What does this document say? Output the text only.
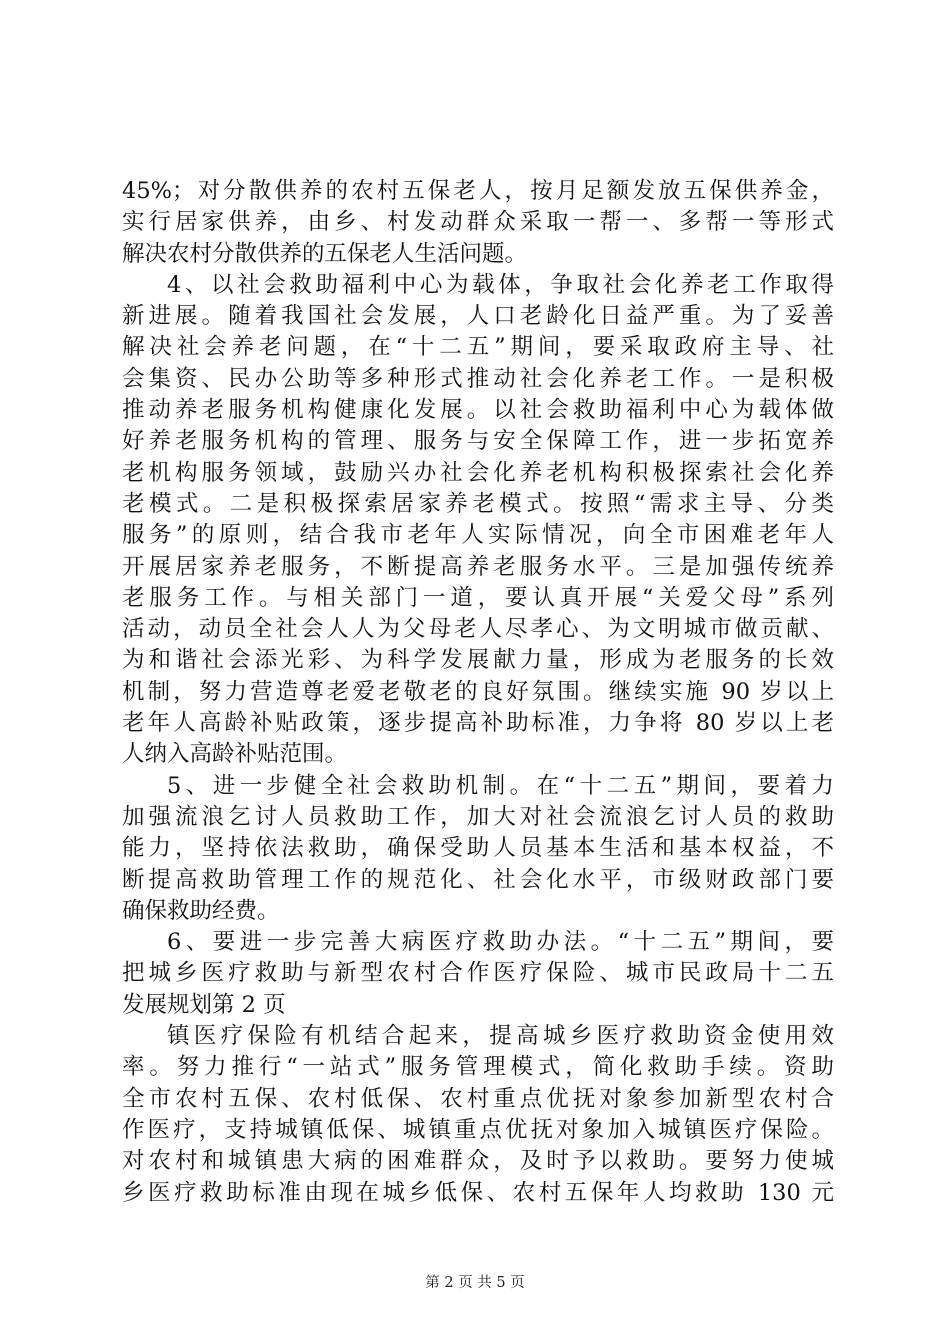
45%；对分散供养的农村五保老人，按月足额发放五保供养金，
实行居家供养，由乡、村发动群众采取一帮一、多帮一等形式
解决农村分散供养的五保老人生活问题。
4、以社会救助福利中心为载体，争取社会化养老工作取得
新进展。随着我国社会发展，人口老龄化日益严重。为了妥善
解决社会养老问题，在“十二五”期间，要采取政府主导、社
会集资、民办公助等多种形式推动社会化养老工作。一是积极
推动养老服务机构健康化发展。以社会救助福利中心为载体做
好养老服务机构的管理、服务与安全保障工作，进一步拓宽养
老机构服务领域，鼓励兴办社会化养老机构积极探索社会化养
老模式。二是积极探索居家养老模式。按照“需求主导、分类
服务”的原则，结合我市老年人实际情况，向全市困难老年人
开展居家养老服务，不断提高养老服务水平。三是加强传统养
老服务工作。与相关部门一道，要认真开展“关爱父母”系列
活动，动员全社会人人为父母老人尽孝心、为文明城市做贡献、
为和谐社会添光彩、为科学发展献力量，形成为老服务的长效
机制，努力营造尊老爱老敬老的良好氛围。继续实施 90 岁以上
老年人高龄补贴政策，逐步提高补助标准，力争将 80 岁以上老
人纳入高龄补贴范围。
5、进一步健全社会救助机制。在“十二五”期间，要着力
加强流浪乞讨人员救助工作，加大对社会流浪乞讨人员的救助
能力，坚持依法救助，确保受助人员基本生活和基本权益，不
断提高救助管理工作的规范化、社会化水平，市级财政部门要
确保救助经费。
6、要进一步完善大病医疗救助办法。“十二五”期间，要
把城乡医疗救助与新型农村合作医疗保险、城市民政局十二五
发展规划第 2 页
镇医疗保险有机结合起来，提高城乡医疗救助资金使用效
率。努力推行“一站式”服务管理模式，简化救助手续。资助
全市农村五保、农村低保、农村重点优抚对象参加新型农村合
作医疗，支持城镇低保、城镇重点优抚对象加入城镇医疗保险。
对农村和城镇患大病的困难群众，及时予以救助。要努力使城
乡医疗救助标准由现在城乡低保、农村五保年人均救助 130 元
第 2 页 共 5 页
